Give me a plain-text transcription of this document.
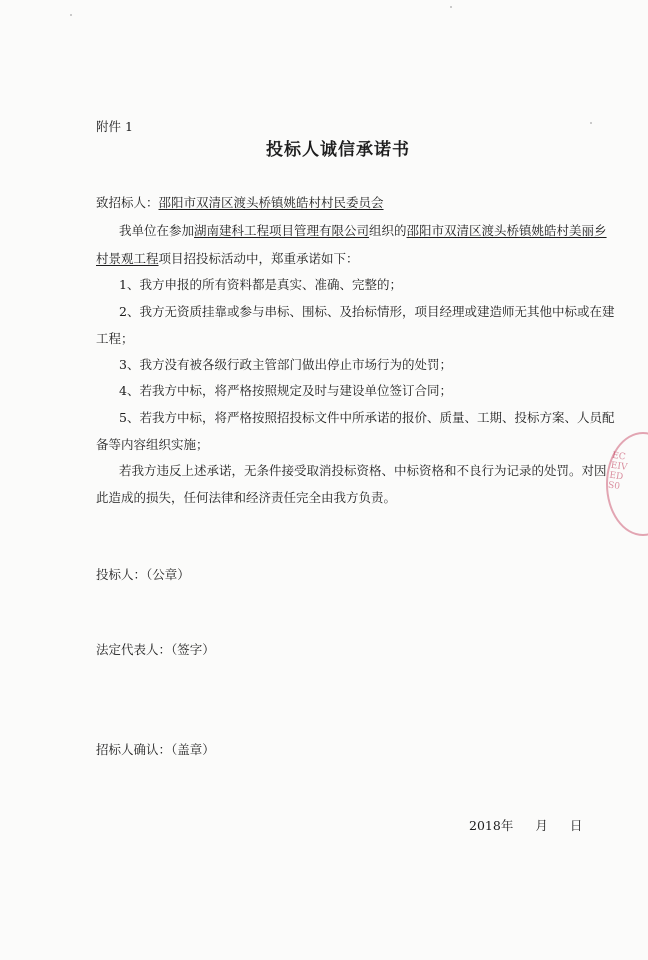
附件 1
投标人诚信承诺书
致招标人：邵阳市双清区渡头桥镇姚皓村村民委员会
我单位在参加湖南建科工程项目管理有限公司组织的邵阳市双清区渡头桥镇姚皓村美丽乡
村景观工程项目招投标活动中，郑重承诺如下：
1、我方申报的所有资料都是真实、准确、完整的；
2、我方无资质挂靠或参与串标、围标、及抬标情形，项目经理或建造师无其他中标或在建
工程；
3、我方没有被各级行政主管部门做出停止市场行为的处罚；
4、若我方中标，将严格按照规定及时与建设单位签订合同；
5、若我方中标，将严格按照招投标文件中所承诺的报价、质量、工期、投标方案、人员配
备等内容组织实施；
若我方违反上述承诺，无条件接受取消投标资格、中标资格和不良行为记录的处罚。对因
此造成的损失，任何法律和经济责任完全由我方负责。
投标人：（公章）
法定代表人：（签字）
招标人确认：（盖章）
2018年 月 日
ECEIVED S0
